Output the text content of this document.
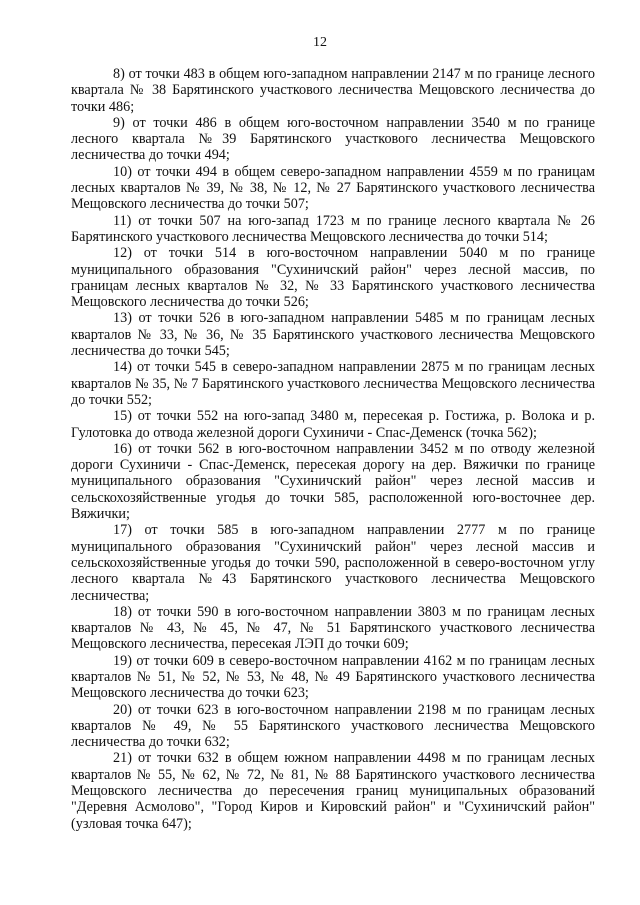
12

8) от точки 483 в общем юго-западном направлении 2147 м по границе лесного квартала № 38 Барятинского участкового лесничества Мещовского лесничества до точки 486;

9) от точки 486 в общем юго-восточном направлении 3540 м по границе лесного квартала №39 Барятинского участкового лесничества Мещовского лесничества до точки 494;

10) от точки 494 в общем северо-западном направлении 4559 м по границам лесных кварталов № 39, № 38, № 12, № 27 Барятинского участкового лесничества Мещовского лесничества до точки 507;

11) от точки 507 на юго-запад 1723 м по границе лесного квартала № 26 Барятинского участкового лесничества Мещовского лесничества до точки 514;

12) от точки 514 в юго-восточном направлении 5040 м по границе муниципального образования "Сухиничский район" через лесной массив, по границам лесных кварталов № 32, № 33 Барятинского участкового лесничества Мещовского лесничества до точки 526;

13) от точки 526 в юго-западном направлении 5485 м по границам лесных кварталов № 33, № 36, № 35 Барятинского участкового лесничества Мещовского лесничества до точки 545;

14) от точки 545 в северо-западном направлении 2875 м по границам лесных кварталов № 35, № 7 Барятинского участкового лесничества Мещовского лесничества до точки 552;

15) от точки 552 на юго-запад 3480 м, пересекая р. Гостижа, р. Волока и р. Гулотовка до отвода железной дороги Сухиничи - Спас-Деменск (точка 562);

16) от точки 562 в юго-восточном направлении 3452 м по отводу железной дороги Сухиничи - Спас-Деменск, пересекая дорогу на дер. Вяжички по границе муниципального образования "Сухиничский район" через лесной массив и сельскохозяйственные угодья до точки 585, расположенной юго-восточнее дер. Вяжички;

17) от точки 585 в юго-западном направлении 2777 м по границе муниципального образования "Сухиничский район" через лесной массив и сельскохозяйственные угодья до точки 590, расположенной в северо-восточном углу лесного квартала №43 Барятинского участкового лесничества Мещовского лесничества;

18) от точки 590 в юго-восточном направлении 3803 м по границам лесных кварталов № 43, № 45, № 47, № 51 Барятинского участкового лесничества Мещовского лесничества, пересекая ЛЭП до точки 609;

19) от точки 609 в северо-восточном направлении 4162 м по границам лесных кварталов № 51, № 52, № 53, № 48, № 49 Барятинского участкового лесничества Мещовского лесничества до точки 623;

20) от точки 623 в юго-восточном направлении 2198 м по границам лесных кварталов № 49, № 55 Барятинского участкового лесничества Мещовского лесничества до точки 632;

21) от точки 632 в общем южном направлении 4498 м по границам лесных кварталов № 55, № 62, № 72, № 81, № 88 Барятинского участкового лесничества Мещовского лесничества до пересечения границ муниципальных образований "Деревня Асмолово", "Город Киров и Кировский район" и "Сухиничский район" (узловая точка 647);
